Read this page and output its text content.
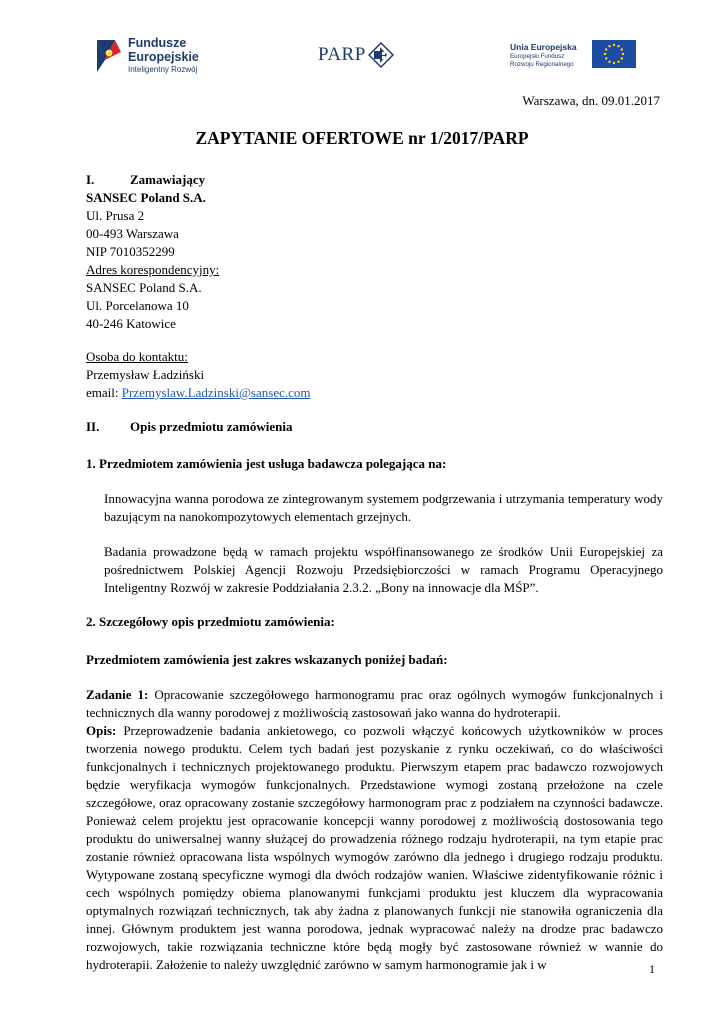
Fundusze
Europejskie
Inteligentny Rozwój
PARP	Unia Europejska
Europejski Fundusz
Rozwoju Regionalnego
Warszawa, dn. 09.01.2017
ZAPYTANIE OFERTOWE nr 1/2017/PARP
I.	Zamawiający
SANSEC Poland S.A.
Ul. Prusa 2
00-493 Warszawa
NIP 7010352299
Adres korespondencyjny:
SANSEC Poland S.A.
Ul. Porcelanowa 10
40-246 Katowice
Osoba do kontaktu:
Przemysław Ładziński
email: Przemyslaw.Ladzinski@sansec.com
II. Opis przedmiotu zamówienia
1. Przedmiotem zamówienia jest usługa badawcza polegająca na:
Innowacyjna wanna porodowa ze zintegrowanym systemem podgrzewania i utrzymania temperatury wody bazującym na nanokompozytowych elementach grzejnych.
Badania prowadzone będą w ramach projektu współfinansowanego ze środków Unii Europejskiej za pośrednictwem Polskiej Agencji Rozwoju Przedsiębiorczości w ramach Programu Operacyjnego Inteligentny Rozwój w zakresie Poddziałania 2.3.2. „Bony na innowacje dla MŚP”.
2. Szczegółowy opis przedmiotu zamówienia:
Przedmiotem zamówienia jest zakres wskazanych poniżej badań:
Zadanie 1: Opracowanie szczegółowego harmonogramu prac oraz ogólnych wymogów funkcjonalnych i technicznych dla wanny porodowej z możliwością zastosowań jako wanna do hydroterapii.
Opis: Przeprowadzenie badania ankietowego, co pozwoli włączyć końcowych użytkowników w proces tworzenia nowego produktu. Celem tych badań jest pozyskanie z rynku oczekiwań, co do właściwości funkcjonalnych i technicznych projektowanego produktu. Pierwszym etapem prac badawczo rozwojowych będzie weryfikacja wymogów funkcjonalnych. Przedstawione wymogi zostaną przełożone na czele szczegółowe, oraz opracowany zostanie szczegółowy harmonogram prac z podziałem na czynności badawcze. Ponieważ celem projektu jest opracowanie koncepcji wanny porodowej z możliwością dostosowania tego produktu do uniwersalnej wanny służącej do prowadzenia różnego rodzaju hydroterapii, na tym etapie prac zostanie również opracowana lista wspólnych wymogów zarówno dla jednego i drugiego rodzaju produktu. Wytypowane zostaną specyficzne wymogi dla dwóch rodzajów wanien. Właściwe zidentyfikowanie różnic i cech wspólnych pomiędzy obiema planowanymi funkcjami produktu jest kluczem dla wypracowania optymalnych rozwiązań technicznych, tak aby żadna z planowanych funkcji nie stanowiła ograniczenia dla innej. Głównym produktem jest wanna porodowa, jednak wypracować należy na drodze prac badawczo rozwojowych, takie rozwiązania techniczne które będą mogły być zastosowane również w wannie do hydroterapii. Założenie to należy uwzględnić zarówno w samym harmonogramie jak i w	1
